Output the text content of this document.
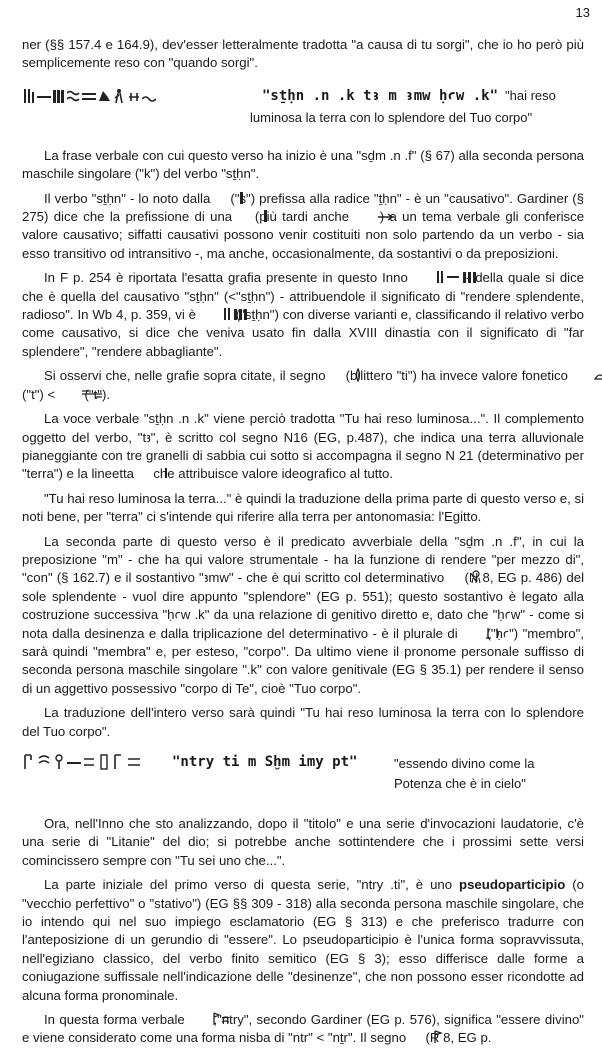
13

ner (§§ 157.4 e 164.9), dev'esser letteralmente tradotta "a causa di tu sorgi", che io ho però più semplicemente reso con "quando sorgi".

"sṯḥn .n .k tꜣ m ꜣmw ḥꜥw .k" "hai reso
luminosa la terra con lo splendore del Tuo corpo"

La frase verbale con cui questo verso ha inizio è una "sḏm .n .f" (§ 67) alla seconda persona maschile singolare ("k") del verbo "sṯḥn".

Il verbo "sṯḥn" - lo noto dalla ("s") prefissa alla radice "ṯḥn" - è un "causativo". Gardiner (§ 275) dice che la prefissione di una (più tardi anche ) a un tema verbale gli conferisce valore causativo; siffatti causativi possono venir costituiti non solo partendo da un verbo - sia esso transitivo od intransitivo -, ma anche, occasionalmente, da sostantivi o da preposizioni.

In F p. 254 è riportata l'esatta grafia presente in questo Inno	- della quale si dice che è quella del causativo "sṯḥn" (<"sṯḥn") - attribuendole il significato di "rendere splendente, radioso". In Wb 4, p. 359, vi è	("sṯḥn") con diverse varianti e, classificando il relativo verbo come causativo, si dice che veniva usato fin dalla XVIII dinastia con il significato di "far splendere", "rendere abbagliante".

Si osservi che, nelle grafie sopra citate, il segno (bilittero "ti") ha invece valore fonetico  ("t") < ("t").

La voce verbale "sṯḥn .n .k" viene perciò tradotta "Tu hai reso luminosa...". Il complemento oggetto del verbo, "tꜣ", è scritto col segno N16 (EG, p.487), che indica una terra alluvionale pianeggiante con tre granelli di sabbia cui sotto si accompagna il segno N 21 (determinativo per "terra") e la lineetta che attribuisce valore ideografico al tutto.

"Tu hai reso luminosa la terra..." è quindi la traduzione della prima parte di questo verso e, si noti bene, per "terra" ci s'intende qui riferire alla terra per antonomasia: l'Egitto.

La seconda parte di questo verso è il predicato avverbiale della "sḏm .n .f", in cui la preposizione "m" - che ha qui valore strumentale - ha la funzione di rendere "per mezzo di", "con" (§ 162.7) e il sostantivo "ꜣmw" - che è qui scritto col determinativo (N 8, EG p. 486) del sole splendente - vuol dire appunto "splendore" (EG p. 551); questo sostantivo è legato alla costruzione successiva "ḥꜥw .k" da una relazione di genitivo diretto e, dato che "ḥꜥw" - come si nota dalla desinenza e dalla triplicazione del determinativo - è il plurale di ("ḥꜥ") "membro", sarà quindi "membra" e, per esteso, "corpo". Da ultimo viene il pronome personale suffisso di seconda persona maschile singolare ".k" con valore genitivale (EG § 35.1) per rendere il senso di un aggettivo possessivo "corpo di Te", cioè "Tuo corpo".

La traduzione dell'intero verso sarà quindi "Tu hai reso luminosa la terra con lo splendore del Tuo corpo".

"ntry ti m Sḫm imy pt"	"essendo divino come la
Potenza che è in cielo"

Ora, nell'Inno che sto analizzando, dopo il "titolo" e una serie d'invocazioni laudatorie, c'è una serie di "Litanie" del dio; si potrebbe anche sottintendere che i prossimi sette versi comincissero sempre con "Tu sei uno che...".

La parte iniziale del primo verso di questa serie, "ntry .ti", è uno pseudoparticipio (o "vecchio perfettivo" o "stativo") (EG §§ 309 - 318) alla seconda persona maschile singolare, che io intendo qui nel suo impiego esclamatorio (EG § 313) e che preferisco tradurre con l'anteposizione di un gerundio di "essere". Lo pseudoparticipio è l'unica forma sopravvissuta, nell'egiziano classico, del verbo finito semitico (EG § 3); esso differisce dalle forme a coniugazione suffissale nell'indicazione delle "desinenze", che non possono esser ricondotte ad alcuna forma pronominale.

In questa forma verbale ,"ntry", secondo Gardiner (EG p. 576), significa "essere divino" e viene considerato come una forma nisba di "ntr" < "nṯr". Il segno (R 8, EG p.
